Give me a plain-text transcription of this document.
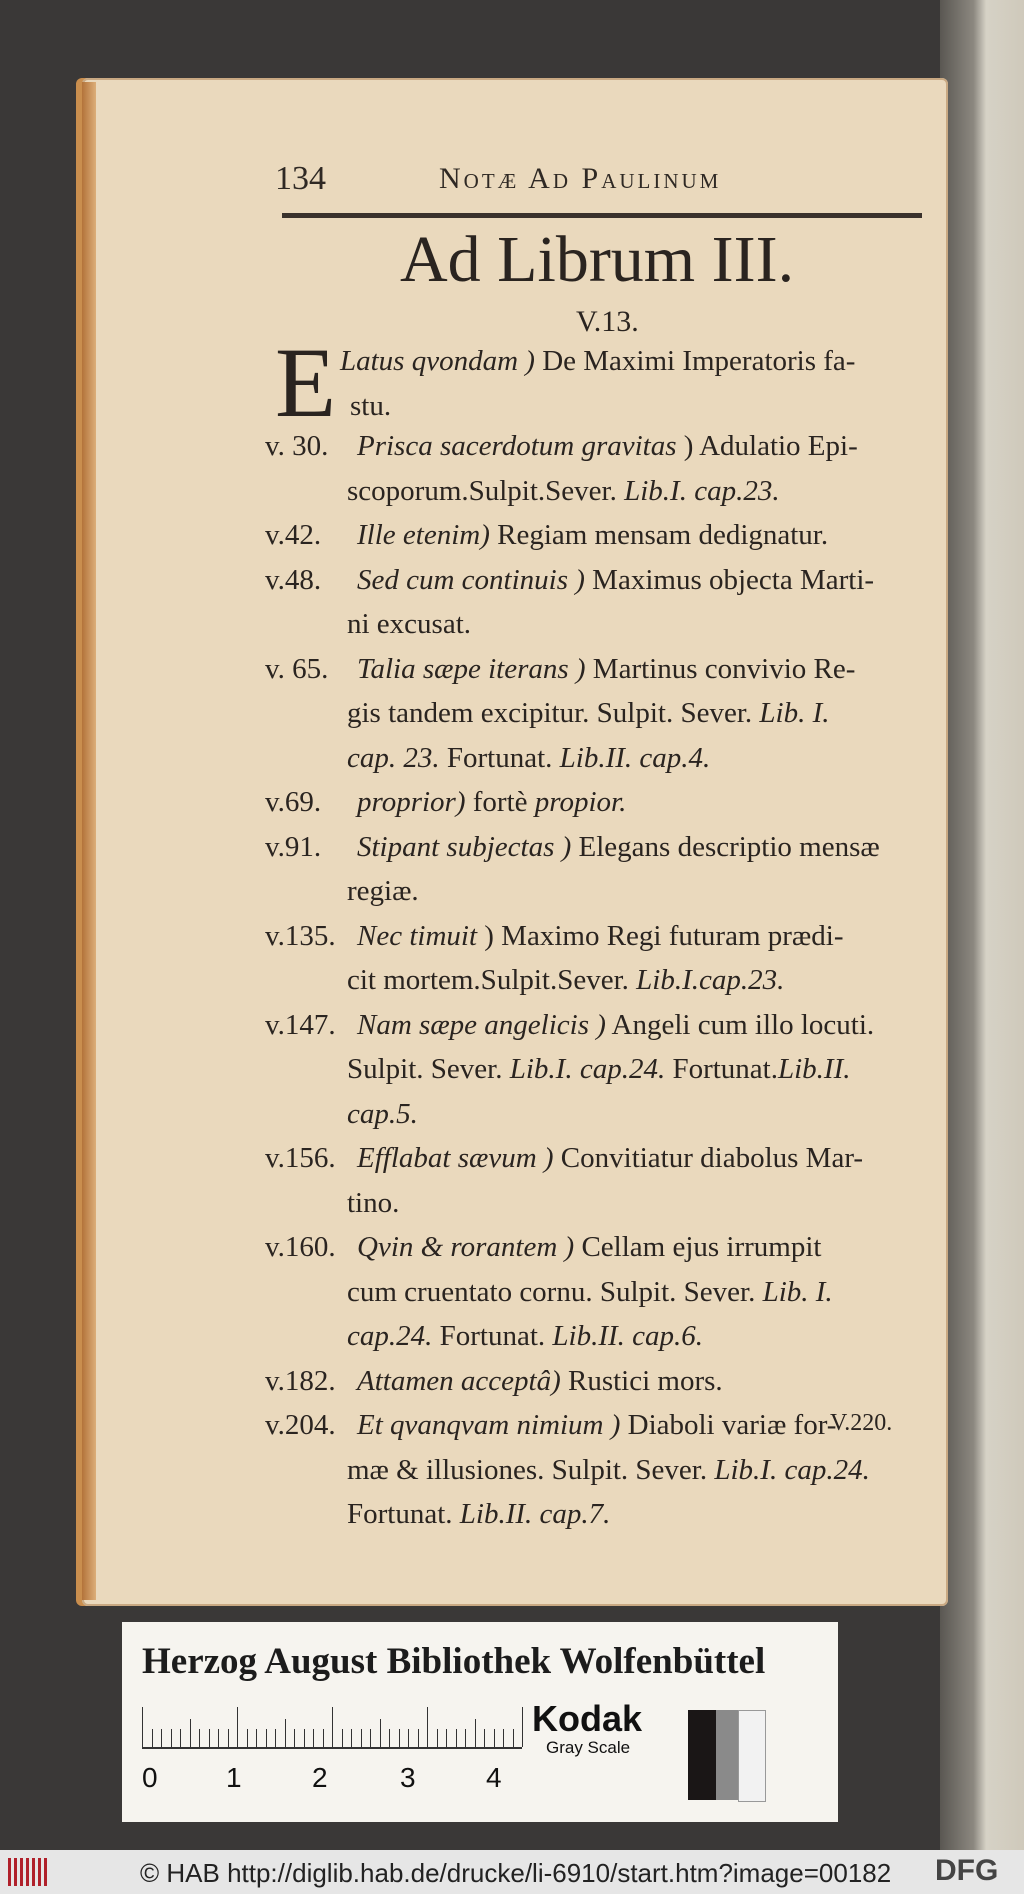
134	Notæ Ad Paulinum
Ad Librum III.
V.13.
E Latus qvondam ) De Maximi Imperatoris fa-
stu.
v. 30. Prisca sacerdotum gravitas ) Adulatio Epi-
scoporum.Sulpit.Sever. Lib.I. cap.23.
v.42. Ille etenim) Regiam mensam dedignatur.
v.48. Sed cum continuis ) Maximus objecta Marti-
ni excusat.
v. 65. Talia sæpe iterans ) Martinus convivio Re-
gis tandem excipitur. Sulpit. Sever. Lib. I.
cap. 23. Fortunat. Lib.II. cap.4.
v.69. proprior) fortè propior.
v.91. Stipant subjectas ) Elegans descriptio mensæ
regiæ.
v.135. Nec timuit ) Maximo Regi futuram prædi-
cit mortem.Sulpit.Sever. Lib.I.cap.23.
v.147. Nam sæpe angelicis ) Angeli cum illo locuti.
Sulpit. Sever. Lib.I. cap.24. Fortunat.Lib.II.
cap.5.
v.156. Efflabat sævum ) Convitiatur diabolus Mar-
tino.
v.160. Qvin & rorantem ) Cellam ejus irrumpit
cum cruentato cornu. Sulpit. Sever. Lib. I.
cap.24. Fortunat. Lib.II. cap.6.
v.182. Attamen acceptâ) Rustici mors.
v.204. Et qvanqvam nimium ) Diaboli variæ for-
mæ & illusiones. Sulpit. Sever. Lib.I. cap.24.
Fortunat. Lib.II. cap.7.
V.220.
Herzog August Bibliothek Wolfenbüttel
0 1	2	3	4
Kodak
Gray Scale
© HAB http://diglib.hab.de/drucke/li-6910/start.htm?image=00182 DFG
